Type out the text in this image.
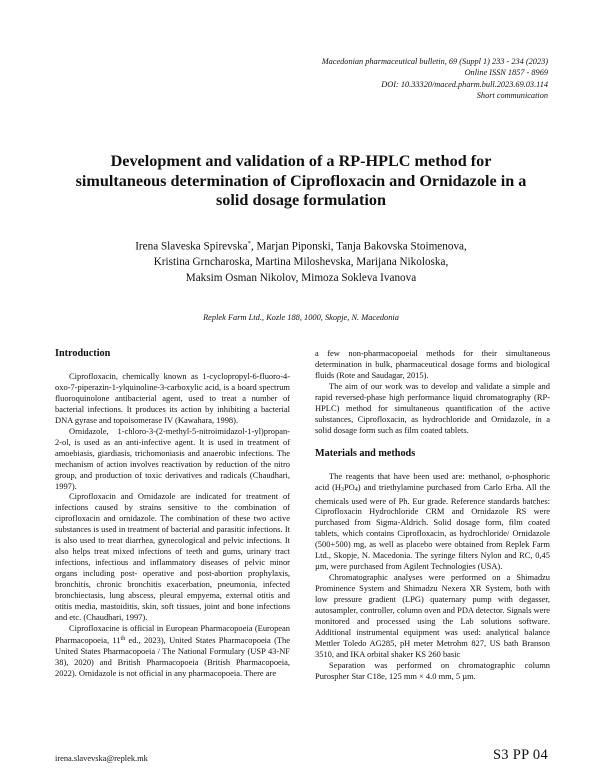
Macedonian pharmaceutical bulletin, 69 (Suppl 1) 233 - 234 (2023)
Online ISSN 1857 - 8969
DOI: 10.33320/maced.pharm.bull.2023.69.03.114
Short communication
Development and validation of a RP-HPLC method for
simultaneous determination of Ciprofloxacin and Ornidazole in a
solid dosage formulation
Irena Slaveska Spirevska*, Marjan Piponski, Tanja Bakovska Stoimenova,
Kristina Grncharoska, Martina Miloshevska, Marijana Nikoloska,
Maksim Osman Nikolov, Mimoza Sokleva Ivanova
Replek Farm Ltd., Kozle 188, 1000, Skopje, N. Macedonia
Introduction

Ciprofloxacin, chemically known as 1-cyclopropyl-6-fluoro-4-oxo-7-piperazin-1-ylquinoline-3-carboxylic acid, is a board spectrum fluoroquinolone antibacterial agent, used to treat a number of bacterial infections. It produces its action by inhibiting a bacterial DNA gyrase and topoisomerase IV (Kawahara, 1998).

Ornidazole, 1-chloro-3-(2-methyl-5-nitroimidazol-1-yl)propan-2-ol, is used as an anti-infective agent. It is used in treatment of amoebiasis, giardiasis, trichomoniasis and anaerobic infections. The mechanism of action involves reactivation by reduction of the nitro group, and production of toxic derivatives and radicals (Chaudhari, 1997).

Ciprofloxacin and Ornidazole are indicated for treatment of infections caused by strains sensitive to the combination of ciprofloxacin and ornidazole. The combination of these two active substances is used in treatment of bacterial and parasitic infections. It is also used to treat diarrhea, gynecological and pelvic infections. It also helps treat mixed infections of teeth and gums, urinary tract infections, infectious and inflammatory diseases of pelvic minor organs including post- operative and post-abortion prophylaxis, bronchitis, chronic bronchitis exacerbation, pneumonia, infected bronchiectasis, lung abscess, pleural empyema, external otitis and otitis media, mastoiditis, skin, soft tissues, joint and bone infections and etc. (Chaudhari, 1997).

Ciprofloxacine is official in European Pharmacopoeia (European Pharmacopoeia, 11th ed., 2023), United States Pharmacopoeia (The United States Pharmacopoeia / The National Formulary (USP 43-NF 38), 2020) and British Pharmacopoeia (British Pharmacopoeia, 2022). Ornidazole is not official in any pharmacopoeia. There are

a few non-pharmacopoeial methods for their simultaneous determination in bulk, pharmaceutical dosage forms and biological fluids (Rote and Saudagar, 2015).

The aim of our work was to develop and validate a simple and rapid reversed-phase high performance liquid chromatography (RP-HPLC) method for simultaneous quantification of the active substances, Ciprofloxacin, as hydrochloride and Ornidazole, in a solid dosage form such as film coated tablets.

Materials and methods

The reagents that have been used are: methanol, o-phosphoric acid (H3PO4) and triethylamine purchased from Carlo Erba. All the chemicals used were of Ph. Eur grade. Reference standards batches: Ciprofloxacin Hydrochloride CRM and Ornidazole RS were purchased from Sigma-Aldrich. Solid dosage form, film coated tablets, which contains Ciprofloxacin, as hydrochloride/ Ornidazole (500+500) mg, as well as placebo were obtained from Replek Farm Ltd., Skopje, N. Macedonia. The syringe filters Nylon and RC, 0,45 µm, were purchased from Agilent Technologies (USA).

Chromatographic analyses were performed on a Shimadzu Prominence System and Shimadzu Nexera XR System, both with low pressure gradient (LPG) quaternary pump with degasser, autosampler, controller, column oven and PDA detector. Signals were monitored and processed using the Lab solutions software. Additional instrumental equipment was used: analytical balance Mettler Toledo AG285, pH meter Metrohm 827, US bath Branson 3510, and IKA orbital shaker KS 260 basic

Separation was performed on chromatographic column Purospher Star C18e, 125 mm × 4.0 mm, 5 µm.

irena.slavevska@replek.mk	S3 PP 04
